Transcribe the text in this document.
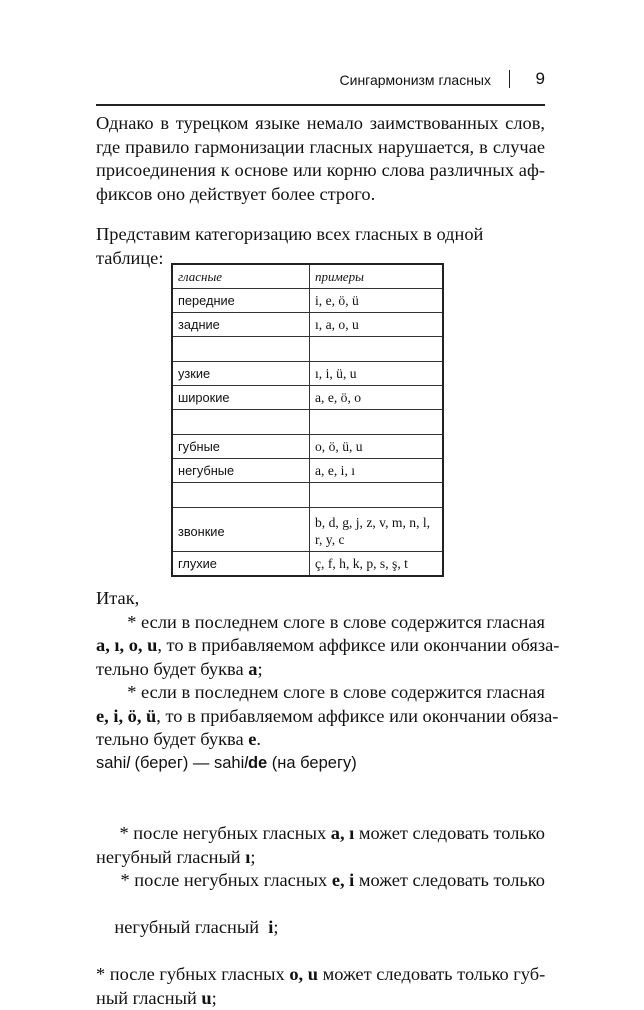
Сингармонизм гласных	9

Однако в турецком языке немало заимствованных слов,
где правило гармонизации гласных нарушается, в случае
присоединения к основе или корню слова различных аф-
фиксов оно действует более строго.
Представим категоризацию всех гласных в одной таблице:
гласные	примеры
передние	i, e, ö, ü
задние	ı, a, o, u

узкие	ı, i, ü, u
широкие	a, e, ö, o

губные	o, ö, ü, u
негубные	a, e, i, ı

звонкие	b, d, g, j, z, v, m, n, l, r, y, c
глухие	ç, f, h, k, p, s, ş, t
Итак,
* если в последнем слоге в слове содержится гласная
a, ı, o, u, то в прибавляемом аффиксе или окончании обяза-
тельно будет буква a;
* если в последнем слоге в слове содержится гласная
e, i, ö, ü, то в прибавляемом аффиксе или окончании обяза-
тельно будет буква e.
sahil (берег) — sahilde (на берегу)
* после негубных гласных a, ı может следовать только
негубный гласный ı;
* после негубных гласных e, i может следовать только

негубный гласный  i;

* после губных гласных o, u может следовать только губ-
ный гласный u;
